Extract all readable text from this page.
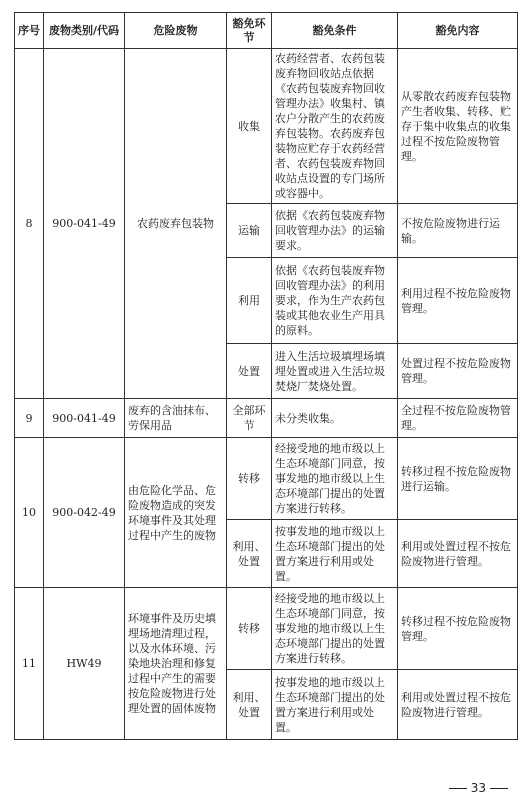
序号	废物类别/代码	危险废物	豁免环节	豁免条件	豁免内容
8	900-041-49	农药废弃包装物	收集	农药经营者、农药包装废弃物回收站点依据《农药包装废弃物回收管理办法》收集村、镇农户分散产生的农药废弃包装物。农药废弃包装物应贮存于农药经营者、农药包装废弃物回收站点设置的专门场所或容器中。	从零散农药废弃包装物产生者收集、转移、贮存于集中收集点的收集过程不按危险废物管理。
			运输	依据《农药包装废弃物回收管理办法》的运输要求。	不按危险废物进行运输。
			利用	依据《农药包装废弃物回收管理办法》的利用要求，作为生产农药包装或其他农业生产用具的原料。	利用过程不按危险废物管理。
			处置	进入生活垃圾填埋场填埋处置或进入生活垃圾焚烧厂焚烧处置。	处置过程不按危险废物管理。
9	900-041-49	废弃的含油抹布、劳保用品	全部环节	未分类收集。	全过程不按危险废物管理。
10	900-042-49	由危险化学品、危险废物造成的突发环境事件及其处理过程中产生的废物	转移	经接受地的地市级以上生态环境部门同意，按事发地的地市级以上生态环境部门提出的处置方案进行转移。	转移过程不按危险废物进行运输。
			利用、处置	按事发地的地市级以上生态环境部门提出的处置方案进行利用或处置。	利用或处置过程不按危险废物进行管理。
11	HW49	环境事件及历史填埋场地清理过程，以及水体环境、污染地块治理和修复过程中产生的需要按危险废物进行处理处置的固体废物	转移	经接受地的地市级以上生态环境部门同意，按事发地的地市级以上生态环境部门提出的处置方案进行转移。	转移过程不按危险废物管理。
			利用、处置	按事发地的地市级以上生态环境部门提出的处置方案进行利用或处置。	利用或处置过程不按危险废物进行管理。
33
